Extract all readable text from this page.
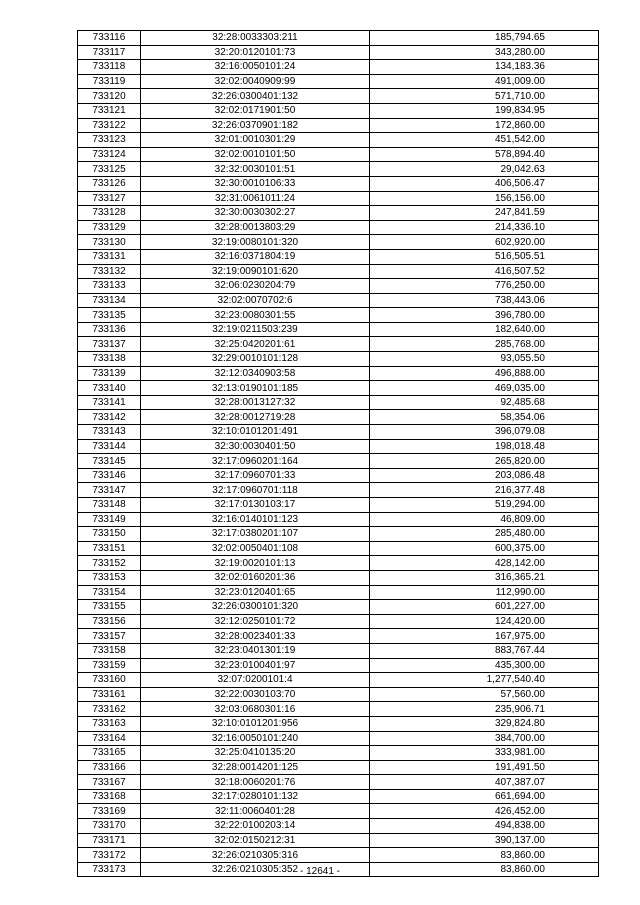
733116	32:28:0033303:211	185,794.65
733117	32:20:0120101:73	343,280.00
733118	32:16:0050101:24	134,183.36
733119	32:02:0040909:99	491,009.00
733120	32:26:0300401:132	571,710.00
733121	32:02:0171901:50	199,834.95
733122	32:26:0370901:182	172,860.00
733123	32:01:0010301:29	451,542.00
733124	32:02:0010101:50	578,894.40
733125	32:32:0030101:51	29,042.63
733126	32:30:0010106:33	406,506.47
733127	32:31:0061011:24	156,156.00
733128	32:30:0030302:27	247,841.59
733129	32:28:0013803:29	214,336.10
733130	32:19:0080101:320	602,920.00
733131	32:16:0371804:19	516,505.51
733132	32:19:0090101:620	416,507.52
733133	32:06:0230204:79	776,250.00
733134	32:02:0070702:6	738,443.06
733135	32:23:0080301:55	396,780.00
733136	32:19:0211503:239	182,640.00
733137	32:25:0420201:61	285,768.00
733138	32:29:0010101:128	93,055.50
733139	32:12:0340903:58	496,888.00
733140	32:13:0190101:185	469,035.00
733141	32:28:0013127:32	92,485.68
733142	32:28:0012719:28	58,354.06
733143	32:10:0101201:491	396,079.08
733144	32:30:0030401:50	198,018.48
733145	32:17:0960201:164	265,820.00
733146	32:17:0960701:33	203,086.48
733147	32:17:0960701:118	216,377.48
733148	32:17:0130103:17	519,294.00
733149	32:16:0140101:123	46,809.00
733150	32:17:0380201:107	285,480.00
733151	32:02:0050401:108	600,375.00
733152	32:19:0020101:13	428,142.00
733153	32:02:0160201:36	316,365.21
733154	32:23:0120401:65	112,990.00
733155	32:26:0300101:320	601,227.00
733156	32:12:0250101:72	124,420.00
733157	32:28:0023401:33	167,975.00
733158	32:23:0401301:19	883,767.44
733159	32:23:0100401:97	435,300.00
733160	32:07:0200101:4	1,277,540.40
733161	32:22:0030103:70	57,560.00
733162	32:03:0680301:16	235,906.71
733163	32:10:0101201:956	329,824.80
733164	32:16:0050101:240	384,700.00
733165	32:25:0410135:20	333,981.00
733166	32:28:0014201:125	191,491.50
733167	32:18:0060201:76	407,387.07
733168	32:17:0280101:132	661,694.00
733169	32:11:0060401:28	426,452.00
733170	32:22:0100203:14	494,838.00
733171	32:02:0150212:31	390,137.00
733172	32:26:0210305:316	83,860.00
733173	32:26:0210305:352	83,860.00
- 12641 -
